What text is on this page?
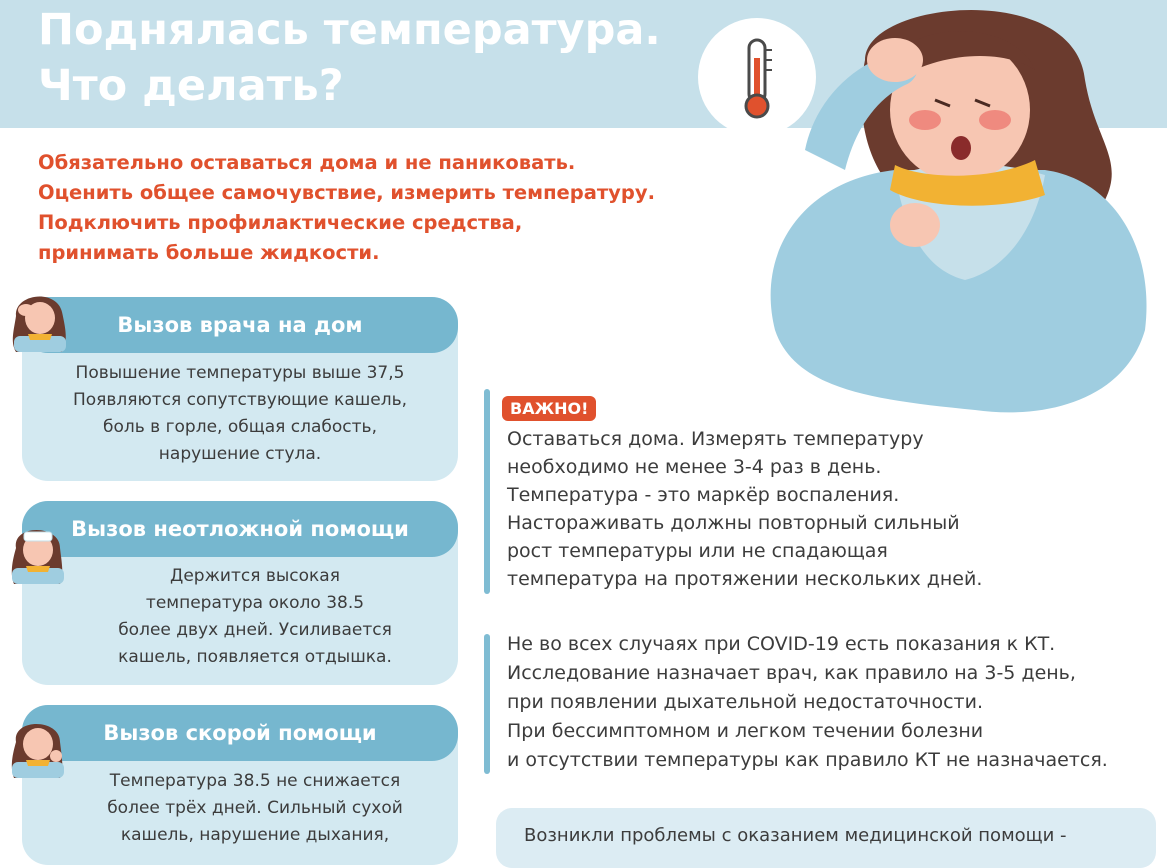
Поднялась температура.
Что делать?
Обязательно оставаться дома и не паниковать.
Оценить общее самочувствие, измерить температуру.
Подключить профилактические средства,
принимать больше жидкости.
Вызов врача на дом
Повышение температуры выше 37,5
Появляются сопутствующие кашель,
боль в горле, общая слабость,
нарушение стула.
Вызов неотложной помощи
Держится высокая
температура около 38.5
более двух дней. Усиливается
кашель, появляется отдышка.
Вызов скорой помощи
Температура 38.5 не снижается
более трёх дней. Сильный сухой
кашель, нарушение дыхания,
ВАЖНО!
Оставаться дома. Измерять температуру
необходимо не менее 3-4 раз в день.
Температура - это маркёр воспаления.
Настораживать должны повторный сильный
рост температуры или не спадающая
температура на протяжении нескольких дней.
Не во всех случаях при COVID-19 есть показания к КТ.
Исследование назначает врач, как правило на 3-5 день,
при появлении дыхательной недостаточности.
При бессимптомном и легком течении болезни
и отсутствии температуры как правило КТ не назначается.
Возникли проблемы с оказанием медицинской помощи -
